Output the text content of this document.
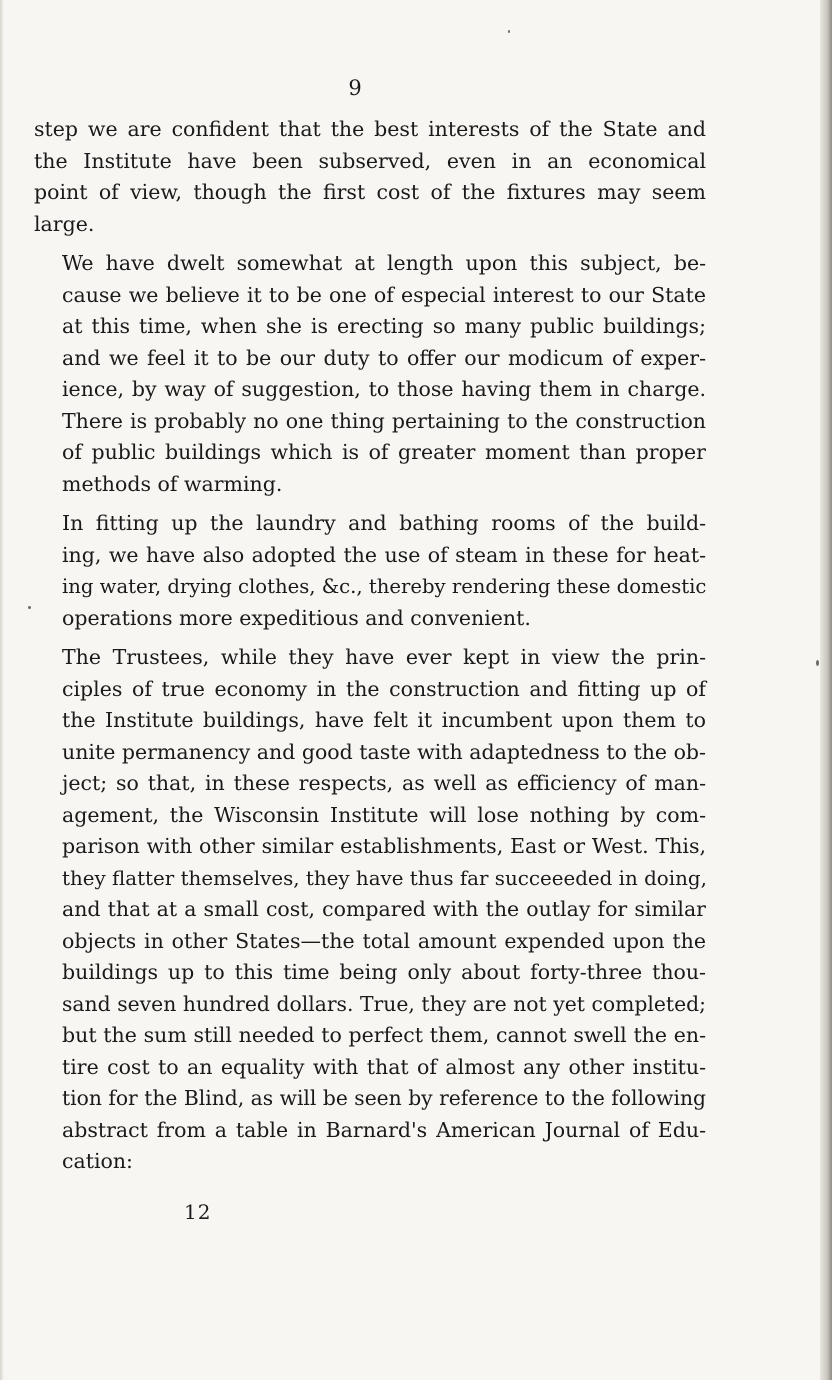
9

step we are confident that the best interests of the State and
the Institute have been subserved, even in an economical
point of view, though the first cost of the fixtures may seem
large.

We have dwelt somewhat at length upon this subject, be-
cause we believe it to be one of especial interest to our State
at this time, when she is erecting so many public buildings;
and we feel it to be our duty to offer our modicum of exper-
ience, by way of suggestion, to those having them in charge.
There is probably no one thing pertaining to the construction
of public buildings which is of greater moment than proper
methods of warming.

In fitting up the laundry and bathing rooms of the build-
ing, we have also adopted the use of steam in these for heat-
ing water, drying clothes, &c., thereby rendering these domestic
operations more expeditious and convenient.

The Trustees, while they have ever kept in view the prin-
ciples of true economy in the construction and fitting up of
the Institute buildings, have felt it incumbent upon them to
unite permanency and good taste with adaptedness to the ob-
ject; so that, in these respects, as well as efficiency of man-
agement, the Wisconsin Institute will lose nothing by com-
parison with other similar establishments, East or West. This,
they flatter themselves, they have thus far succeeeded in doing,
and that at a small cost, compared with the outlay for similar
objects in other States—the total amount expended upon the
buildings up to this time being only about forty-three thou-
sand seven hundred dollars. True, they are not yet completed;
but the sum still needed to perfect them, cannot swell the en-
tire cost to an equality with that of almost any other institu-
tion for the Blind, as will be seen by reference to the following
abstract from a table in Barnard's American Journal of Edu-
cation:

12
